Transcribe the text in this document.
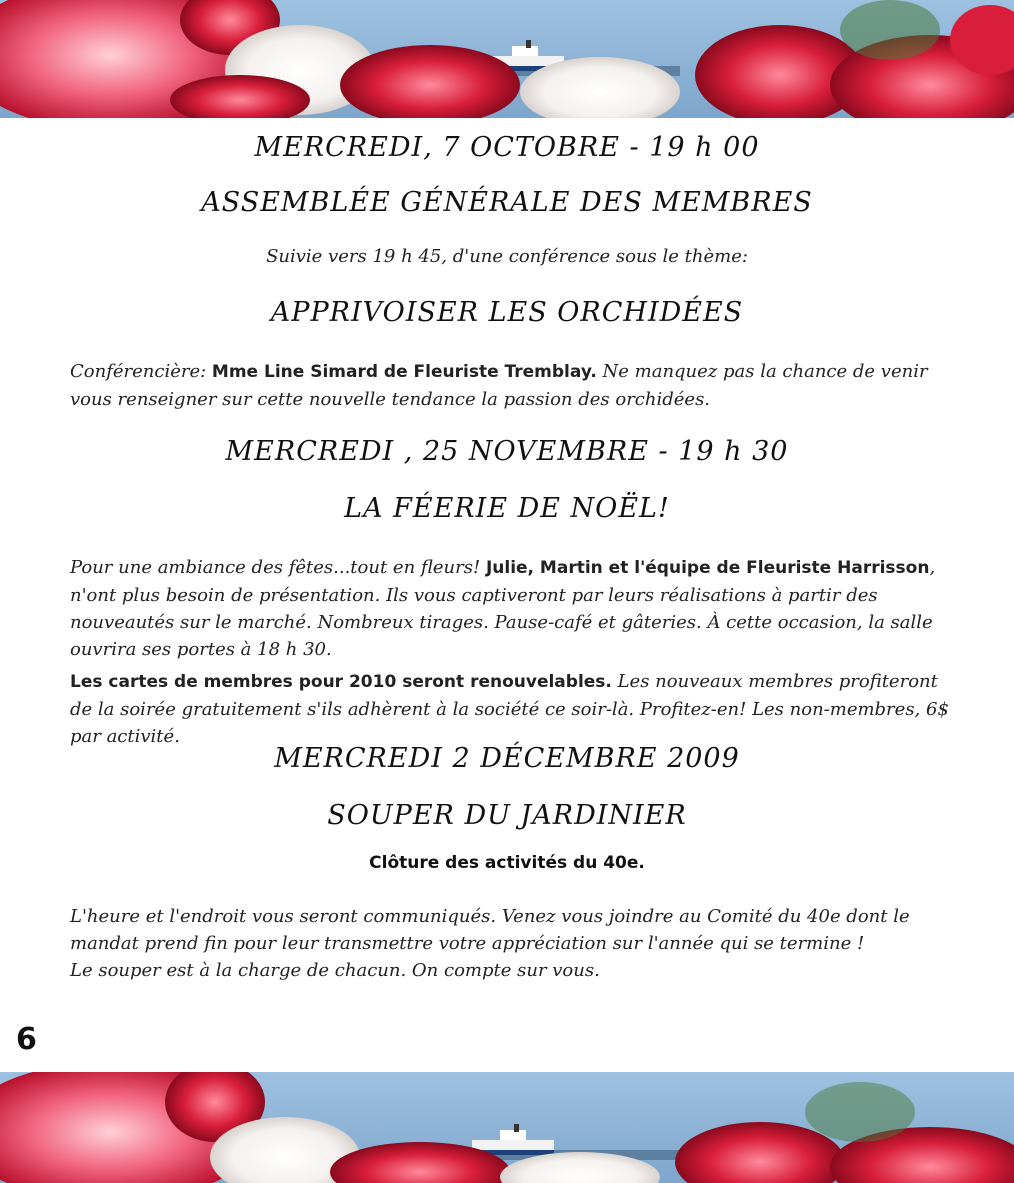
MERCREDI, 7 OCTOBRE - 19 h 00
ASSEMBLÉE GÉNÉRALE DES MEMBRES

Suivie vers 19 h 45, d'une conférence sous le thème:

APPRIVOISER LES ORCHIDÉES

Conférencière: Mme Line Simard de Fleuriste Tremblay. Ne manquez pas la chance de venir vous renseigner sur cette nouvelle tendance la passion des orchidées.

MERCREDI , 25 NOVEMBRE - 19 h 30
LA FÉERIE DE NOËL!

Pour une ambiance des fêtes...tout en fleurs! Julie, Martin et l'équipe de Fleuriste Harrisson, n'ont plus besoin de présentation. Ils vous captiveront par leurs réalisations à partir des nouveautés sur le marché. Nombreux tirages. Pause-café et gâteries. À cette occasion, la salle ouvrira ses portes à 18 h 30.

Les cartes de membres pour 2010 seront renouvelables. Les nouveaux membres profiteront de la soirée gratuitement s'ils adhèrent à la société ce soir-là. Profitez-en! Les non-membres, 6$ par activité.

MERCREDI 2 DÉCEMBRE 2009
SOUPER DU JARDINIER

Clôture des activités du 40e.

L'heure et l'endroit vous seront communiqués. Venez vous joindre au Comité du 40e dont le
mandat prend fin pour leur transmettre votre appréciation sur l'année qui se termine !
Le souper est à la charge de chacun. On compte sur vous.

6
